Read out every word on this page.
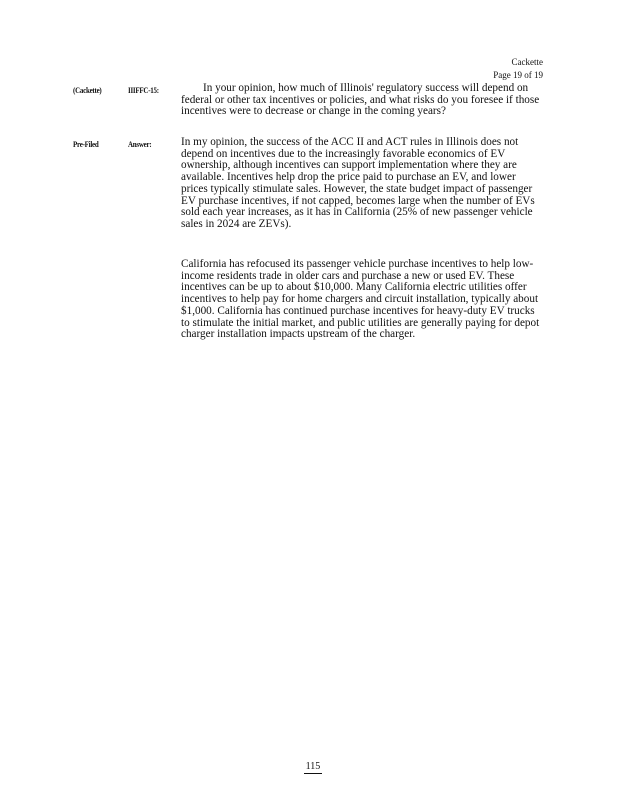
Cackette
Page 19 of 19
(Cackette)	IIIFFC-15:	In your opinion, how much of Illinois' regulatory success will depend on federal or other tax incentives or policies, and what risks do you foresee if those incentives were to decrease or change in the coming years?
Pre-Filed	Answer:	In my opinion, the success of the ACC II and ACT rules in Illinois does not depend on incentives due to the increasingly favorable economics of EV ownership, although incentives can support implementation where they are available. Incentives help drop the price paid to purchase an EV, and lower prices typically stimulate sales. However, the state budget impact of passenger EV purchase incentives, if not capped, becomes large when the number of EVs sold each year increases, as it has in California (25% of new passenger vehicle sales in 2024 are ZEVs).
California has refocused its passenger vehicle purchase incentives to help low-income residents trade in older cars and purchase a new or used EV. These incentives can be up to about $10,000. Many California electric utilities offer incentives to help pay for home chargers and circuit installation, typically about $1,000. California has continued purchase incentives for heavy-duty EV trucks to stimulate the initial market, and public utilities are generally paying for depot charger installation impacts upstream of the charger.
115
